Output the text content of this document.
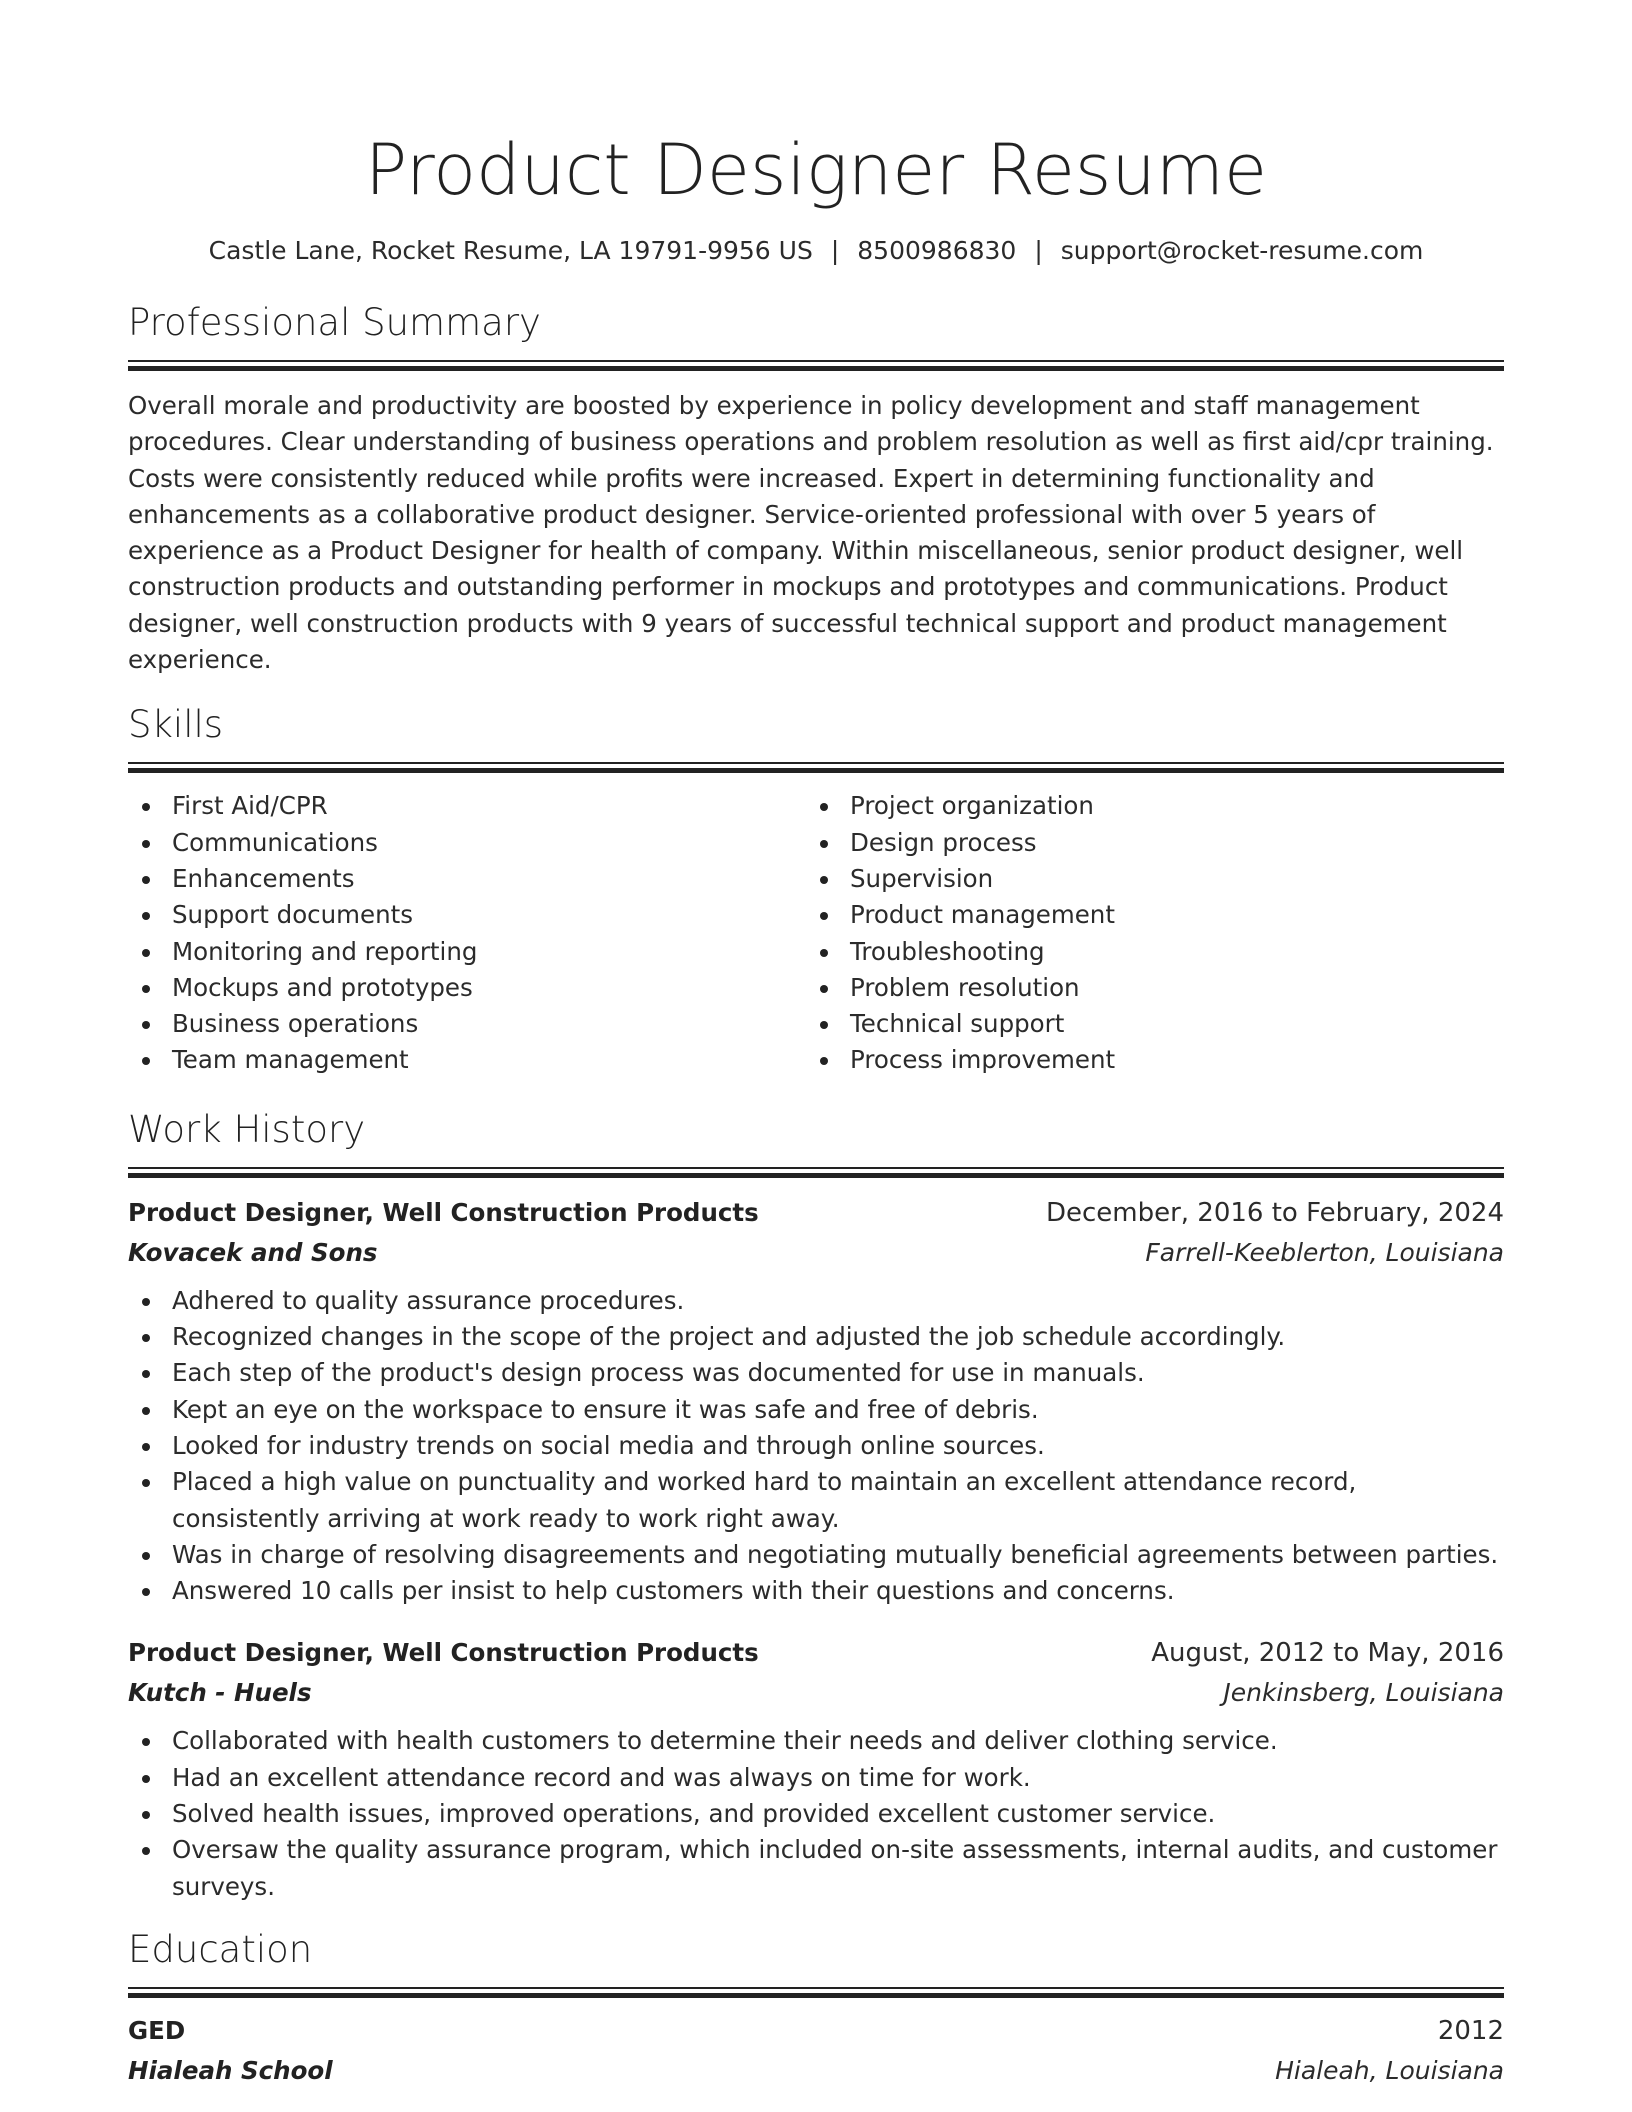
Product Designer Resume
Castle Lane, Rocket Resume, LA 19791-9956 US | 8500986830 | support@rocket-resume.com
Professional Summary

Overall morale and productivity are boosted by experience in policy development and staff management procedures. Clear understanding of business operations and problem resolution as well as first aid/cpr training. Costs were consistently reduced while profits were increased. Expert in determining functionality and enhancements as a collaborative product designer. Service-oriented professional with over 5 years of experience as a Product Designer for health of company. Within miscellaneous, senior product designer, well construction products and outstanding performer in mockups and prototypes and communications. Product designer, well construction products with 9 years of successful technical support and product management experience.

Skills
First Aid/CPR
Communications
Enhancements
Support documents
Monitoring and reporting
Mockups and prototypes
Business operations
Team management
Project organization
Design process
Supervision
Product management
Troubleshooting
Problem resolution
Technical support
Process improvement
Work History
Product Designer, Well Construction Products	December, 2016 to February, 2024
Kovacek and Sons	Farrell-Keeblerton, Louisiana
Adhered to quality assurance procedures.
Recognized changes in the scope of the project and adjusted the job schedule accordingly.
Each step of the product's design process was documented for use in manuals.
Kept an eye on the workspace to ensure it was safe and free of debris.
Looked for industry trends on social media and through online sources.
Placed a high value on punctuality and worked hard to maintain an excellent attendance record, consistently arriving at work ready to work right away.
Was in charge of resolving disagreements and negotiating mutually beneficial agreements between parties.
Answered 10 calls per insist to help customers with their questions and concerns.
Product Designer, Well Construction Products	August, 2012 to May, 2016
Kutch - Huels	Jenkinsberg, Louisiana
Collaborated with health customers to determine their needs and deliver clothing service.
Had an excellent attendance record and was always on time for work.
Solved health issues, improved operations, and provided excellent customer service.
Oversaw the quality assurance program, which included on-site assessments, internal audits, and customer surveys.
Education
GED	2012
Hialeah School	Hialeah, Louisiana
